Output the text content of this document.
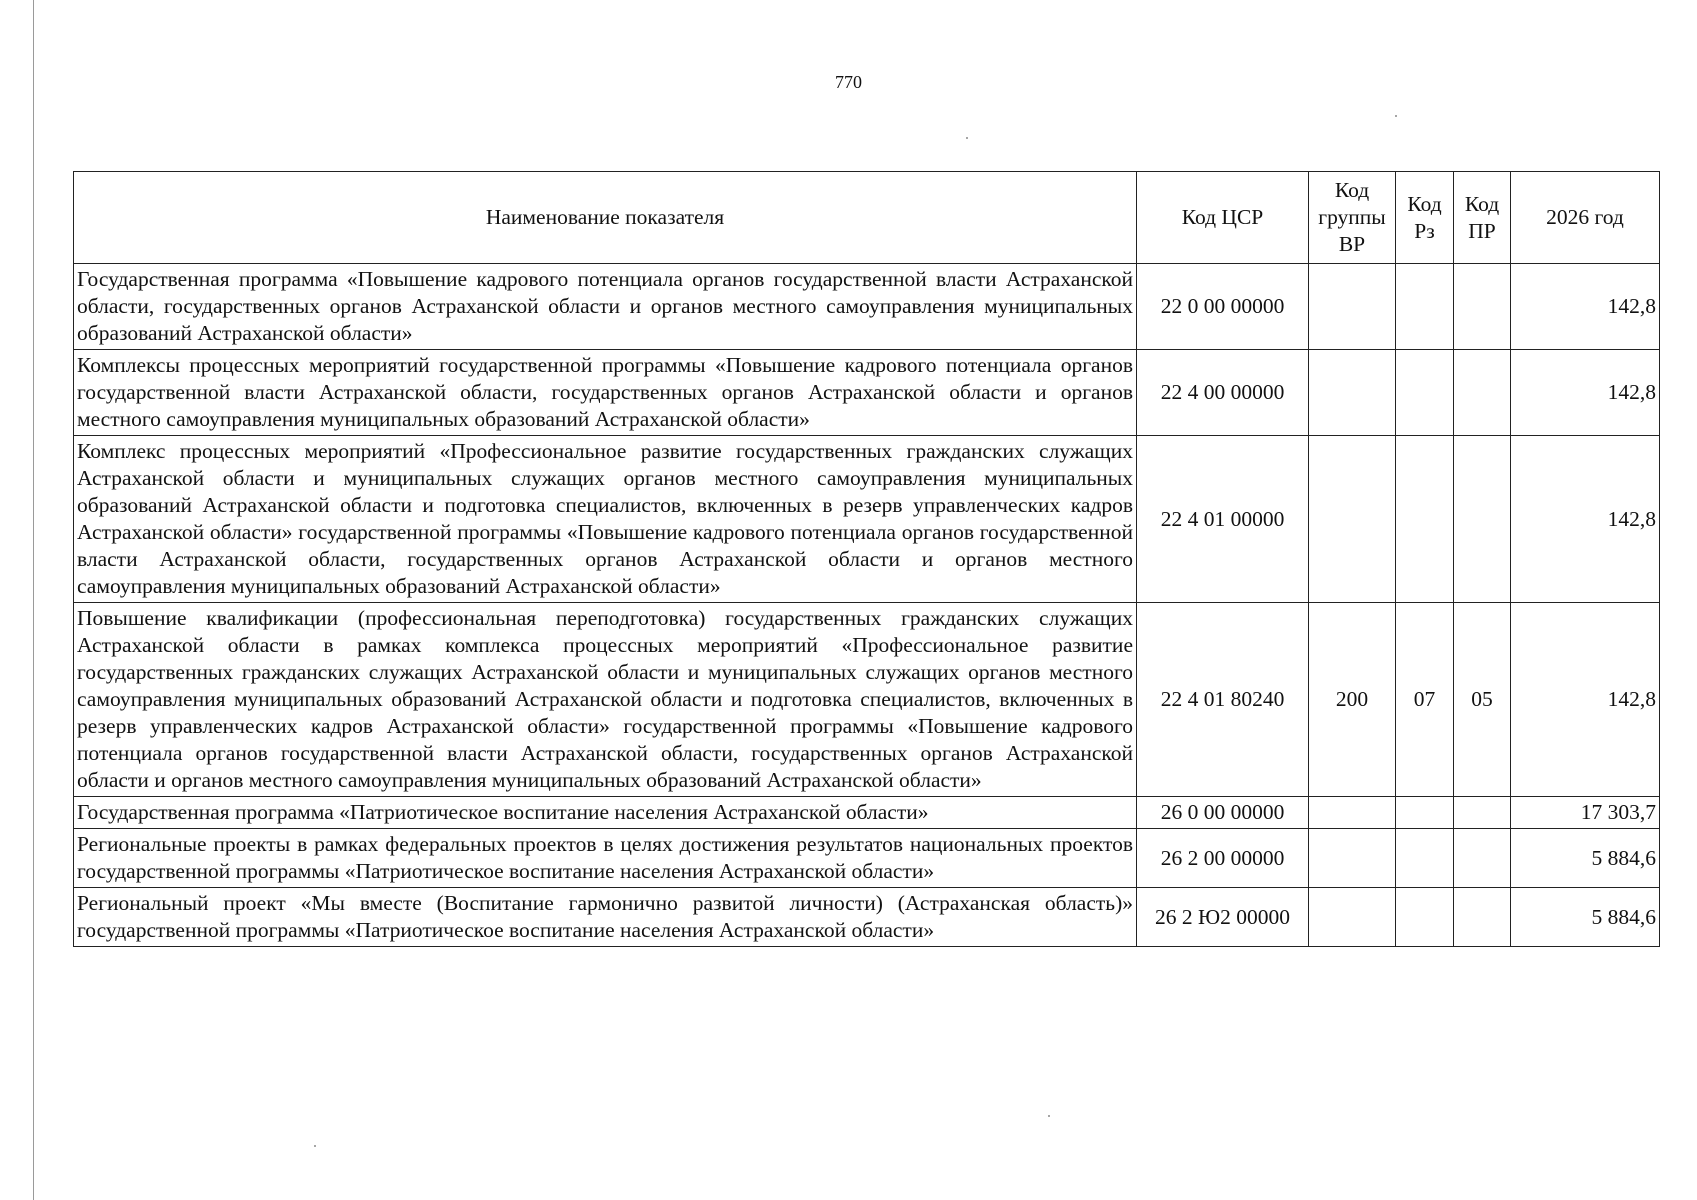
770
Наименование показателя	Код ЦСР	Код группы ВР	Код Рз	Код ПР	2026 год
Государственная программа «Повышение кадрового потенциала органов государственной власти Астраханской области, государственных органов Астраханской области и органов местного самоуправления муниципальных образований Астраханской области»	22 0 00 00000				142,8
Комплексы процессных мероприятий государственной программы «Повышение кадрового потенциала органов государственной власти Астраханской области, государственных органов Астраханской области и органов местного самоуправления муниципальных образований Астраханской области»	22 4 00 00000				142,8
Комплекс процессных мероприятий «Профессиональное развитие государственных гражданских служащих Астраханской области и муниципальных служащих органов местного самоуправления муниципальных образований Астраханской области и подготовка специалистов, включенных в резерв управленческих кадров Астраханской области» государственной программы «Повышение кадрового потенциала органов государственной власти Астраханской области, государственных органов Астраханской области и органов местного самоуправления муниципальных образований Астраханской области»	22 4 01 00000				142,8
Повышение квалификации (профессиональная переподготовка) государственных гражданских служащих Астраханской области в рамках комплекса процессных мероприятий «Профессиональное развитие государственных гражданских служащих Астраханской области и муниципальных служащих органов местного самоуправления муниципальных образований Астраханской области и подготовка специалистов, включенных в резерв управленческих кадров Астраханской области» государственной программы «Повышение кадрового потенциала органов государственной власти Астраханской области, государственных органов Астраханской области и органов местного самоуправления муниципальных образований Астраханской области»	22 4 01 80240	200	07	05	142,8
Государственная программа «Патриотическое воспитание населения Астраханской области»	26 0 00 00000				17 303,7
Региональные проекты в рамках федеральных проектов в целях достижения результатов национальных проектов государственной программы «Патриотическое воспитание населения Астраханской области»	26 2 00 00000				5 884,6
Региональный проект «Мы вместе (Воспитание гармонично развитой личности) (Астраханская область)» государственной программы «Патриотическое воспитание населения Астраханской области»	26 2 Ю2 00000				5 884,6
